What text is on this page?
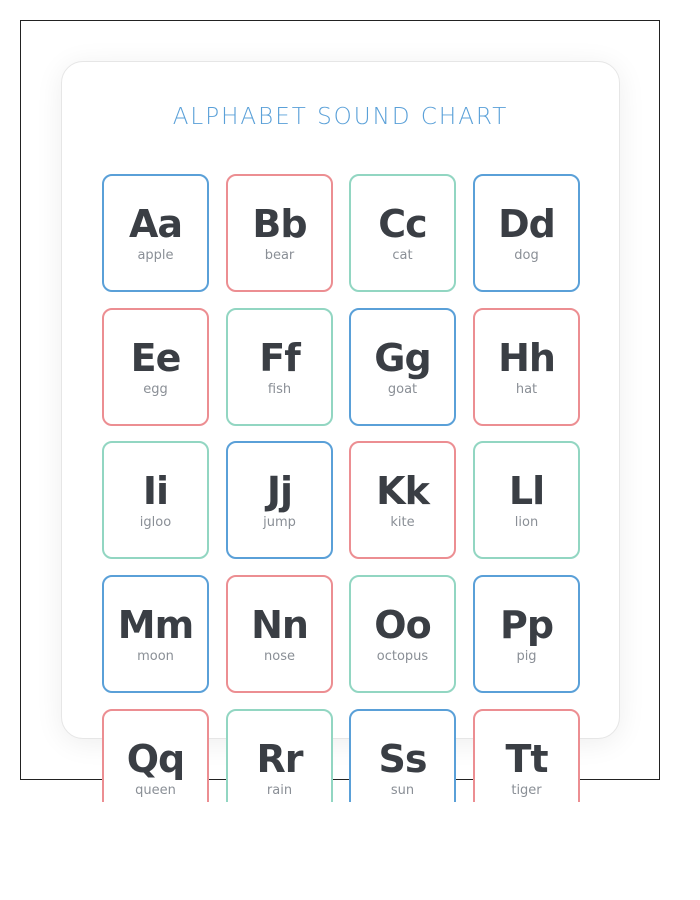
ALPHABET SOUND CHART
Aa
apple
Bb
bear
Cc
cat
Dd
dog
Ee
egg
Ff
fish
Gg
goat
Hh
hat
Ii
igloo
Jj
jump
Kk
kite
Ll
lion
Mm
moon
Nn
nose
Oo
octopus
Pp
pig
Qq
queen
Rr
rain
Ss
sun
Tt
tiger
